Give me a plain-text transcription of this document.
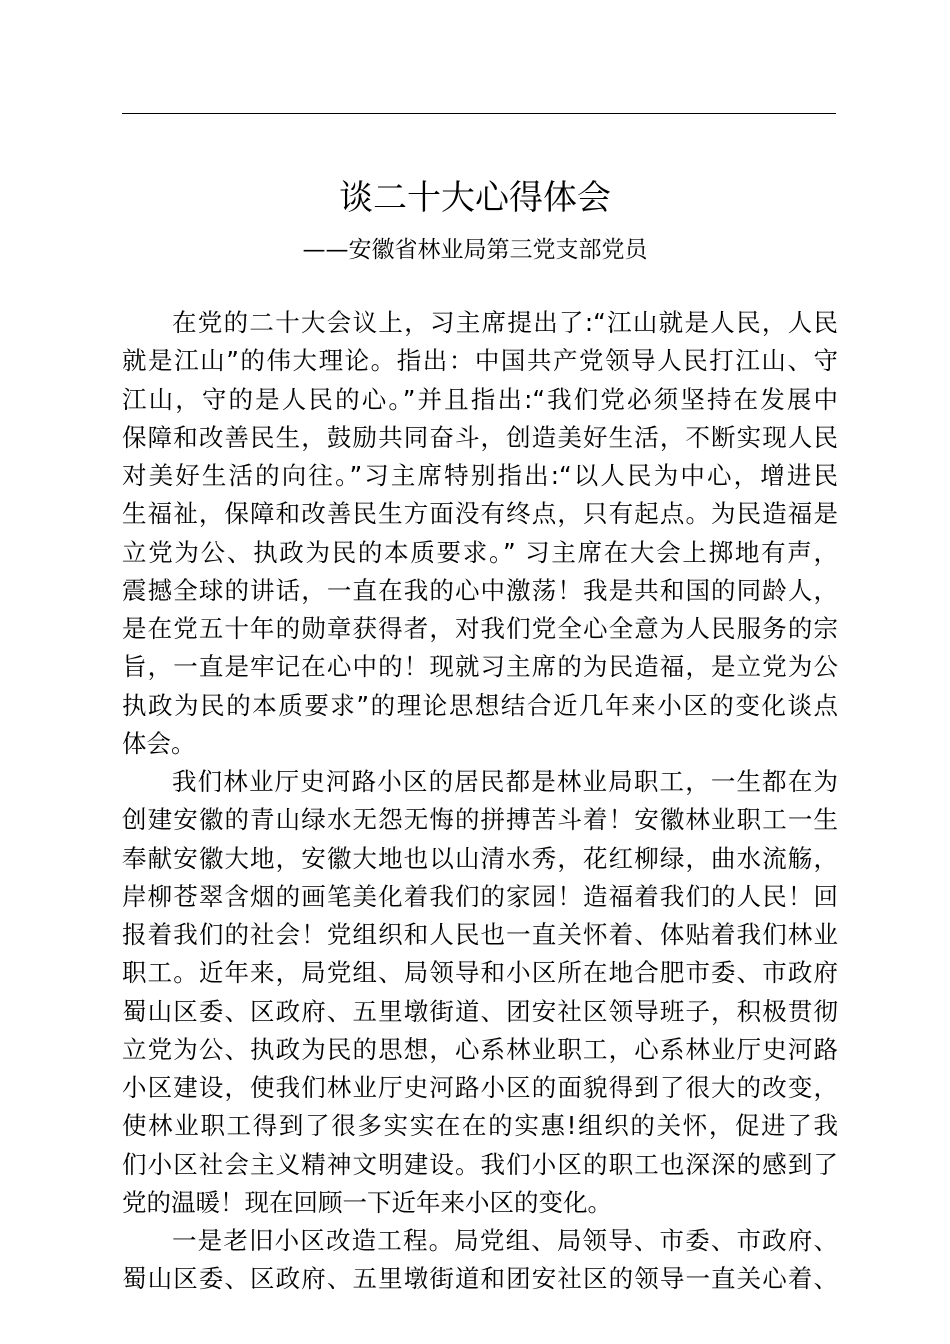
谈二十大心得体会
——安徽省林业局第三党支部党员
在党的二十大会议上，习主席提出了:“江山就是人民，人民
就是江山”的伟大理论。指出：中国共产党领导人民打江山、守
江山，守的是人民的心。”并且指出:“我们党必须坚持在发展中
保障和改善民生，鼓励共同奋斗，创造美好生活，不断实现人民
对美好生活的向往。”习主席特别指出:“以人民为中心，增进民
生福祉，保障和改善民生方面没有终点，只有起点。为民造福是
立党为公、执政为民的本质要求。” 习主席在大会上掷地有声，
震撼全球的讲话，一直在我的心中激荡！我是共和国的同龄人，
是在党五十年的勋章获得者，对我们党全心全意为人民服务的宗
旨，一直是牢记在心中的！现就习主席的为民造福，是立党为公
执政为民的本质要求”的理论思想结合近几年来小区的变化谈点
体会。
我们林业厅史河路小区的居民都是林业局职工，一生都在为
创建安徽的青山绿水无怨无悔的拼搏苦斗着！安徽林业职工一生
奉献安徽大地，安徽大地也以山清水秀，花红柳绿，曲水流觞，
岸柳苍翠含烟的画笔美化着我们的家园！造福着我们的人民！回
报着我们的社会！党组织和人民也一直关怀着、体贴着我们林业
职工。近年来，局党组、局领导和小区所在地合肥市委、市政府
蜀山区委、区政府、五里墩街道、团安社区领导班子，积极贯彻
立党为公、执政为民的思想，心系林业职工，心系林业厅史河路
小区建设，使我们林业厅史河路小区的面貌得到了很大的改变，
使林业职工得到了很多实实在在的实惠!组织的关怀，促进了我
们小区社会主义精神文明建设。我们小区的职工也深深的感到了
党的温暖！现在回顾一下近年来小区的变化。
一是老旧小区改造工程。局党组、局领导、市委、市政府、
蜀山区委、区政府、五里墩街道和团安社区的领导一直关心着、
